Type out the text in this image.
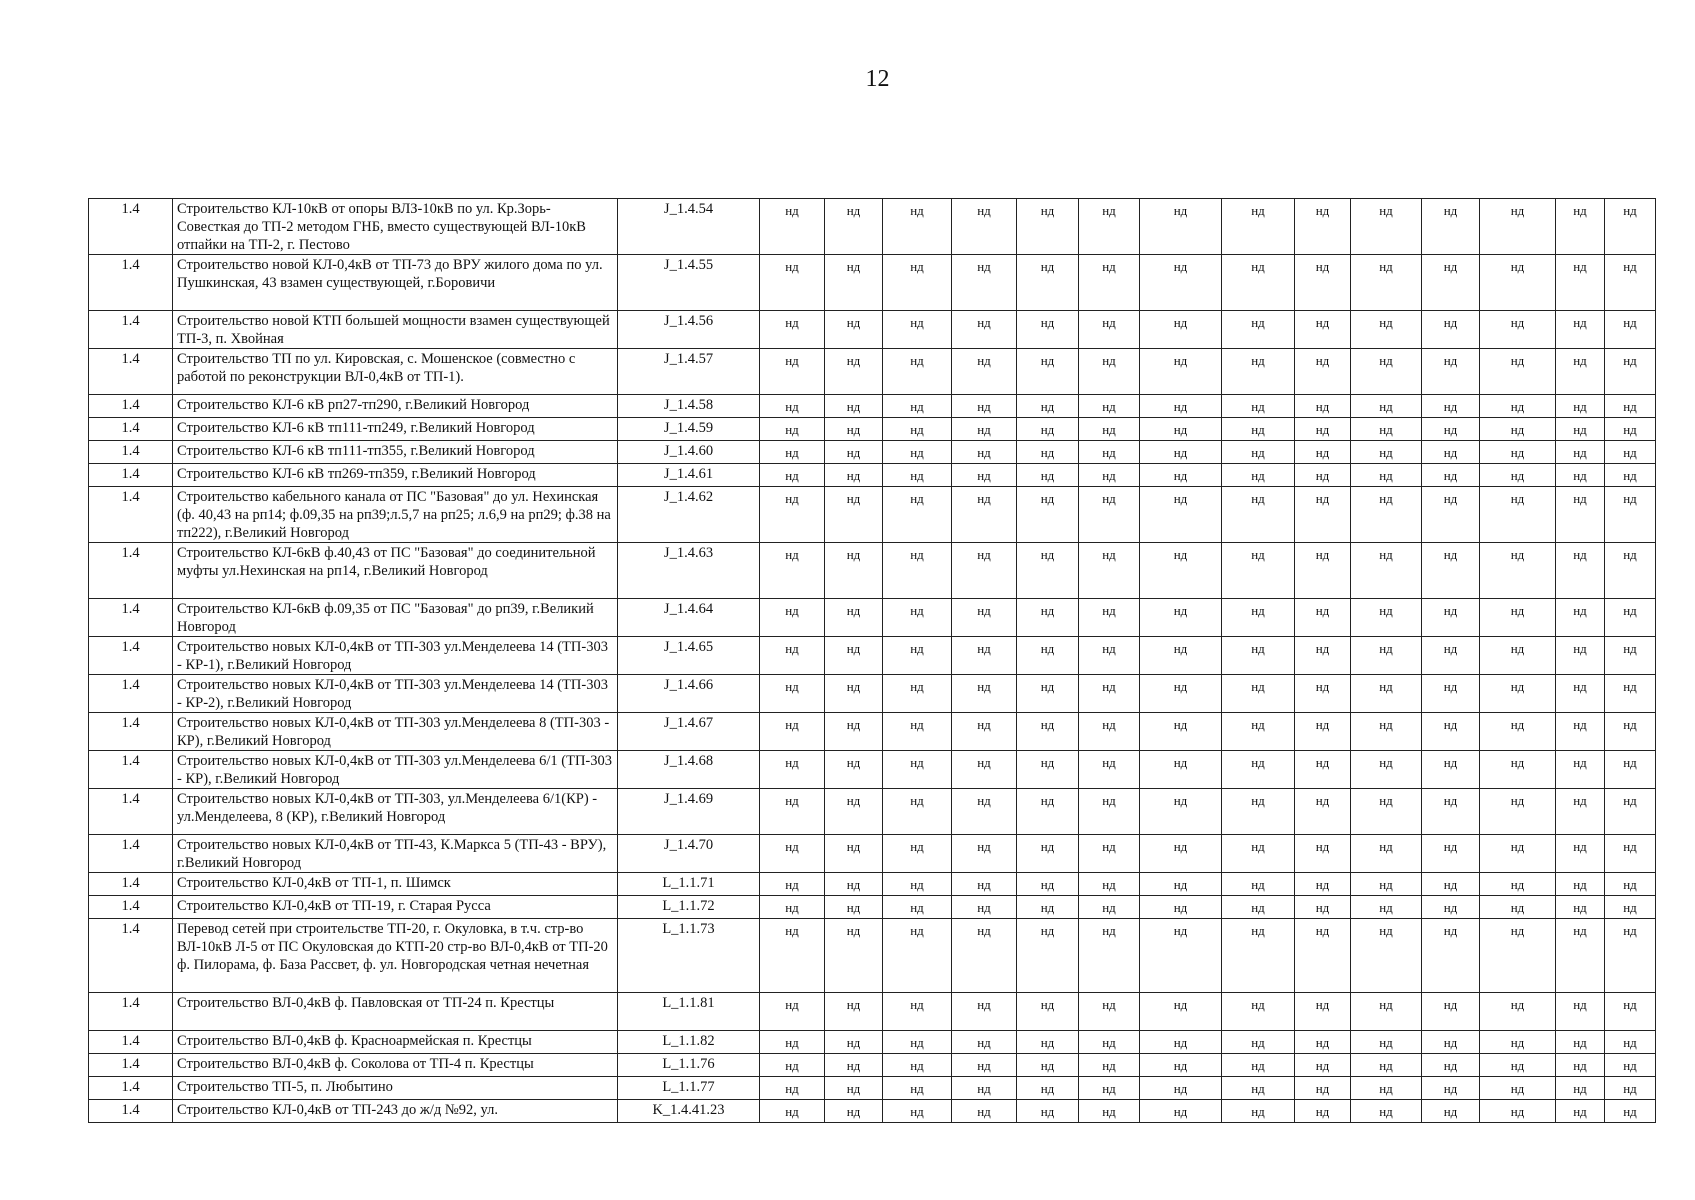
12
1.4	Строительство КЛ-10кВ от опоры ВЛЗ-10кВ по ул. Кр.Зорь-Совесткая до ТП-2 методом ГНБ, вместо существующей ВЛ-10кВ отпайки на ТП-2, г. Пестово	J_1.4.54	нд	нд	нд	нд	нд	нд	нд	нд	нд	нд	нд	нд	нд	нд
1.4	Строительство новой КЛ-0,4кВ от ТП-73 до ВРУ жилого дома по ул. Пушкинская, 43 взамен существующей, г.Боровичи	J_1.4.55	нд	нд	нд	нд	нд	нд	нд	нд	нд	нд	нд	нд	нд	нд
1.4	Строительство новой КТП большей мощности взамен существующей ТП-3, п. Хвойная	J_1.4.56	нд	нд	нд	нд	нд	нд	нд	нд	нд	нд	нд	нд	нд	нд
1.4	Строительство ТП по ул. Кировская, с. Мошенское (совместно с работой по реконструкции ВЛ-0,4кВ от ТП-1).	J_1.4.57	нд	нд	нд	нд	нд	нд	нд	нд	нд	нд	нд	нд	нд	нд
1.4	Строительство КЛ-6 кВ рп27-тп290, г.Великий Новгород	J_1.4.58	нд	нд	нд	нд	нд	нд	нд	нд	нд	нд	нд	нд	нд	нд
1.4	Строительство КЛ-6 кВ тп111-тп249, г.Великий Новгород	J_1.4.59	нд	нд	нд	нд	нд	нд	нд	нд	нд	нд	нд	нд	нд	нд
1.4	Строительство КЛ-6 кВ тп111-тп355, г.Великий Новгород	J_1.4.60	нд	нд	нд	нд	нд	нд	нд	нд	нд	нд	нд	нд	нд	нд
1.4	Строительство КЛ-6 кВ тп269-тп359, г.Великий Новгород	J_1.4.61	нд	нд	нд	нд	нд	нд	нд	нд	нд	нд	нд	нд	нд	нд
1.4	Строительство кабельного канала от ПС "Базовая" до ул. Нехинская (ф. 40,43 на рп14; ф.09,35 на рп39;л.5,7 на рп25; л.6,9 на рп29; ф.38 на тп222), г.Великий Новгород	J_1.4.62	нд	нд	нд	нд	нд	нд	нд	нд	нд	нд	нд	нд	нд	нд
1.4	Строительство КЛ-6кВ ф.40,43 от ПС "Базовая" до соединительной муфты ул.Нехинская на рп14, г.Великий Новгород	J_1.4.63	нд	нд	нд	нд	нд	нд	нд	нд	нд	нд	нд	нд	нд	нд
1.4	Строительство КЛ-6кВ ф.09,35 от ПС "Базовая" до рп39, г.Великий Новгород	J_1.4.64	нд	нд	нд	нд	нд	нд	нд	нд	нд	нд	нд	нд	нд	нд
1.4	Строительство новых КЛ-0,4кВ от ТП-303 ул.Менделеева 14 (ТП-303 - КР-1), г.Великий Новгород	J_1.4.65	нд	нд	нд	нд	нд	нд	нд	нд	нд	нд	нд	нд	нд	нд
1.4	Строительство новых КЛ-0,4кВ от ТП-303 ул.Менделеева 14 (ТП-303 - КР-2), г.Великий Новгород	J_1.4.66	нд	нд	нд	нд	нд	нд	нд	нд	нд	нд	нд	нд	нд	нд
1.4	Строительство новых КЛ-0,4кВ от ТП-303 ул.Менделеева 8 (ТП-303 - КР), г.Великий Новгород	J_1.4.67	нд	нд	нд	нд	нд	нд	нд	нд	нд	нд	нд	нд	нд	нд
1.4	Строительство новых КЛ-0,4кВ от ТП-303 ул.Менделеева 6/1 (ТП-303 - КР), г.Великий Новгород	J_1.4.68	нд	нд	нд	нд	нд	нд	нд	нд	нд	нд	нд	нд	нд	нд
1.4	Строительство новых КЛ-0,4кВ от ТП-303, ул.Менделеева 6/1(КР) - ул.Менделеева, 8 (КР), г.Великий Новгород	J_1.4.69	нд	нд	нд	нд	нд	нд	нд	нд	нд	нд	нд	нд	нд	нд
1.4	Строительство новых КЛ-0,4кВ от ТП-43, К.Маркса 5 (ТП-43 - ВРУ), г.Великий Новгород	J_1.4.70	нд	нд	нд	нд	нд	нд	нд	нд	нд	нд	нд	нд	нд	нд
1.4	Строительство КЛ-0,4кВ от ТП-1, п. Шимск	L_1.1.71	нд	нд	нд	нд	нд	нд	нд	нд	нд	нд	нд	нд	нд	нд
1.4	Строительство КЛ-0,4кВ от ТП-19, г. Старая Русса	L_1.1.72	нд	нд	нд	нд	нд	нд	нд	нд	нд	нд	нд	нд	нд	нд
1.4	Перевод сетей при строительстве ТП-20, г. Окуловка, в т.ч. стр-во ВЛ-10кВ Л-5 от ПС Окуловская до КТП-20 стр-во ВЛ-0,4кВ от ТП-20 ф. Пилорама, ф. База Рассвет, ф. ул. Новгородская четная нечетная	L_1.1.73	нд	нд	нд	нд	нд	нд	нд	нд	нд	нд	нд	нд	нд	нд
1.4	Строительство ВЛ-0,4кВ ф. Павловская от ТП-24 п. Крестцы	L_1.1.81	нд	нд	нд	нд	нд	нд	нд	нд	нд	нд	нд	нд	нд	нд
1.4	Строительство ВЛ-0,4кВ ф. Красноармейская п. Крестцы	L_1.1.82	нд	нд	нд	нд	нд	нд	нд	нд	нд	нд	нд	нд	нд	нд
1.4	Строительство ВЛ-0,4кВ ф. Соколова от ТП-4 п. Крестцы	L_1.1.76	нд	нд	нд	нд	нд	нд	нд	нд	нд	нд	нд	нд	нд	нд
1.4	Строительство ТП-5, п. Любытино	L_1.1.77	нд	нд	нд	нд	нд	нд	нд	нд	нд	нд	нд	нд	нд	нд
1.4	Строительство КЛ-0,4кВ от ТП-243 до ж/д №92, ул.	K_1.4.41.23	нд	нд	нд	нд	нд	нд	нд	нд	нд	нд	нд	нд	нд	нд
